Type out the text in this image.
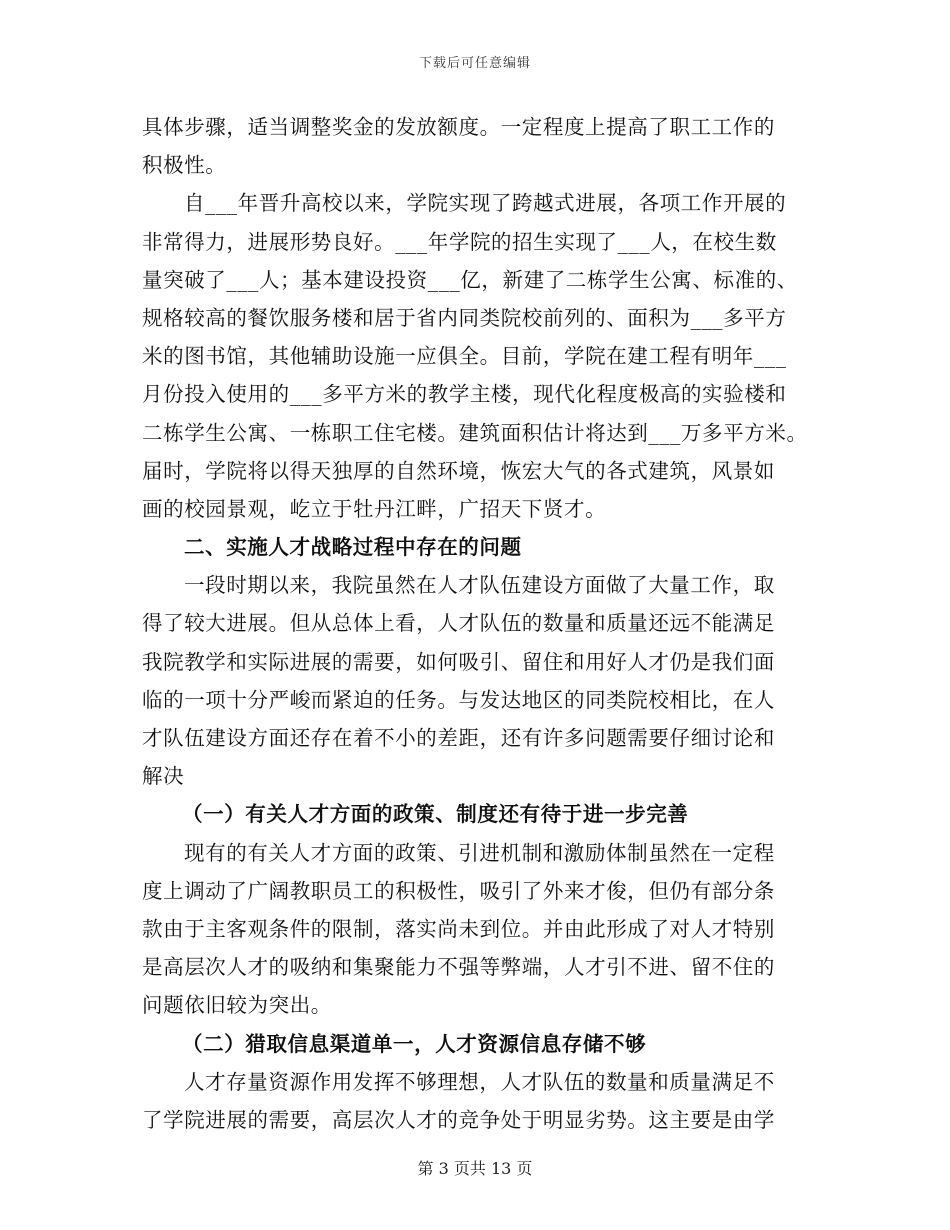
下载后可任意编辑
具体步骤，适当调整奖金的发放额度。一定程度上提高了职工工作的
积极性。
自___年晋升高校以来，学院实现了跨越式进展，各项工作开展的
非常得力，进展形势良好。___年学院的招生实现了___人，在校生数
量突破了___人；基本建设投资___亿，新建了二栋学生公寓、标准的、
规格较高的餐饮服务楼和居于省内同类院校前列的、面积为___多平方
米的图书馆，其他辅助设施一应俱全。目前，学院在建工程有明年___
月份投入使用的___多平方米的教学主楼，现代化程度极高的实验楼和
二栋学生公寓、一栋职工住宅楼。建筑面积估计将达到___万多平方米。
届时，学院将以得天独厚的自然环境，恢宏大气的各式建筑，风景如
画的校园景观，屹立于牡丹江畔，广招天下贤才。
二、实施人才战略过程中存在的问题
一段时期以来，我院虽然在人才队伍建设方面做了大量工作，取
得了较大进展。但从总体上看，人才队伍的数量和质量还远不能满足
我院教学和实际进展的需要，如何吸引、留住和用好人才仍是我们面
临的一项十分严峻而紧迫的任务。与发达地区的同类院校相比，在人
才队伍建设方面还存在着不小的差距，还有许多问题需要仔细讨论和
解决
（一）有关人才方面的政策、制度还有待于进一步完善
现有的有关人才方面的政策、引进机制和激励体制虽然在一定程
度上调动了广阔教职员工的积极性，吸引了外来才俊，但仍有部分条
款由于主客观条件的限制，落实尚未到位。并由此形成了对人才特别
是高层次人才的吸纳和集聚能力不强等弊端，人才引不进、留不住的
问题依旧较为突出。
（二）猎取信息渠道单一，人才资源信息存储不够
人才存量资源作用发挥不够理想，人才队伍的数量和质量满足不
了学院进展的需要，高层次人才的竞争处于明显劣势。这主要是由学
第 3 页共 13 页
